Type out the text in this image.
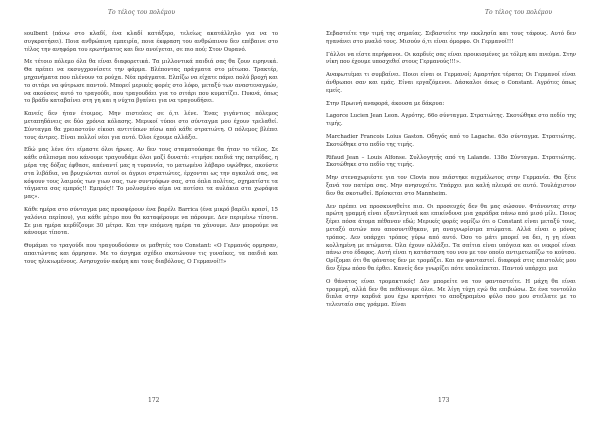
Το τέλος του πολέμου

soulbent (πάνω στο κλαδί, ένα κλαδί κατάξερο, τελείως ακατάλληλο για να το συγκρατήσει). Ποια ανθρώπινη εμπειρία, ποια έκφραση του ανθρώπινου δεν επέβαινε στο τέλος την ανηφόρα του ερωτήματος και δεν ανοίγεται, σε πιο πού; Στον Ουρανό.

Με τέτοιο πόλεμο όλα θα είναι διαφορετικά. Τα μιλλοντικά παιδιά σας θα ζουν ειρηνικά. Θα πρέπει να εκσυγχρονίσετε την φάρμα. Βλέποντας πράγματα στο μέτωπο. Τρακτέρ, μηχανήματα που πλένουν τα ρούχα. Νέα πράγματα. Ελπίζω να είχατε πάρει πολύ βροχή και το σιτάρι να φύτρωσε παντού. Μπορεί μερικές φορές στο λόφο, μεταξύ των αναστεναγμών, να ακούσεις αυτό το τραγούδι, που τραγουδάει για το σιτάρι που κυματίζει. Πυκνά, όπως το βράδυ καταβαίνει στη γη και η νύχτα βγαίνει για να τραγουδήσει.

Κανείς δεν ήταν έτοιμος. Μην πιστεύεις σε ό,τι λένε. Ένας γιγάντιος πόλεμος μεταπηδάνεις σε δύο χρόνια κόλασης. Μερικοί τύποι στο σύνταγμα μου έχουν τρελαθεί. Σύνταγμα θα χρειαστούν είκοσι αντιτύπων πίσω από κάθε στρατιώτη. Ο πόλεμος βλέπει τους άντρες. Είναι πολλοί νέοι για αυτό. Όλοι έχουμε αλλάξει.

Εδώ μας λένε ότι είμαστε όλοι ήρωες. Αν δεν τους σταματούσαμε θα ήταν το τέλος. Σε κάθε σάλπισμα που κάνουμε τραγουδάμε όλοι μαζί δυνατά: «τιμήσε παιδιά της πατρίδας, η μέρα της δόξας έφθασε, απέναντί μας η τυραννία, το ματωμένο λάβαρο υψώθηκε, ακούστε στα λιβάδια, να βρυχιώνται αυτοί οι άγριοι στρατιώτες, έρχονται ως την αγκαλιά σας, να κόψουν τους λαιμούς των γιων σας, των συντρόφων σας, στα όπλα πολίτες, σχηματίστε τα τάγματα σας εμπρός!! Εμπρός!! Το μολυσμένο αίμα να ποτίσει τα αυλάκια στα χωράφια μας».

Κάθε ημέρα στο σύνταγμα μας προσφέρουν ένα βαρέλι Barrica (ένα μικρό βαρέλι κρασί, 15 γαλόνια περίπου), για κάθε μέτρο που θα καταφέρουμε να πάρουμε. Δεν περιμένω τίποτα. Σε μια ημέρα κερδίζουμε 30 μέτρα. Και την επόμενη ημέρα τα χάνουμε. Δεν μπορούμε να κάνουμε τίποτα.

Θυμάμαι το τραγούδι που τραγουδούσαν οι μαθητές του Constant: «Ο Γερμανός ορμησαν, απαιτώντας και όρμησαν. Με το άσγημα σχέδιο σκοτώνουν τις γυναίκες, τα παιδιά και τους ηλικιωμένους. Ανησυχούν ακόμη και τους διαβόλους, Ο Γερμανοί!!»

172
Το τέλος του πολέμου

Σεβαστείτε την τιμή της σημαίας. Σεβαστείτε την εκκλησία και τους τάφους. Αυτό δεν ηγανάνει στο μυαλό τους. Μισούν ό,τι είναι όμορφο. Οι Γερμανοί!!!

Γάλλοι να είστε περήφανοι. Οι καρδιές σας είναι προικισμένες με τόλμη και πνεύμα. Στην νίκη που έχουμε υποσχεθεί στους Γερμανούς!!!».

Αναφωτιέμαι τι συμβαίνει. Ποιοι είναι οι Γερμανοί; Αμαρτήσε τέρατα; Οι Γερμανοί είναι άνθρωποι σαν και εμάς. Είναι εργαζόμενοι. Δάσκαλοι όπως ο Constant. Αγρότες όπως εμείς.

Στην Πρωινή αναφορά, άκουσα με δάκρυα:

Lagorce Lucien Jean Leon. Αγρότης. 66ο σύνταγμα. Στρατιώτης. Σκοτώθηκε στο πεδίο της τιμής.

Marchadier Francois Loius Gaston. Οδηγός από το Lagache. 63ο σύνταγμα. Στρατιώτης. Σκοτώθηκε στο πεδίο της τιμής.

Rifaud Jean – Louis Alfonse. Συλλογητής από τη Lalande. 138ο Σύνταγμα. Στρατιώτης. Σκοτώθηκε στο πεδίο της τιμής.

Μην στεναχωριέστε για τον Clovis που πιάστηκε αιχμάλωτος στην Γερμανία. Θα ξέτε ξανά τον πατέρα σας. Μην ανησυχείτε. Υπάρχει μια καλή πλευρά σε αυτό. Τουλάχιστον δεν θα σκοτωθεί. Βρίσκεται στο Mannheim.

Δεν πρέπει να προσκυνηθείτε πια. Οι προσευχές δεν θα μας σώσουν. Φτάνοντας στην πρώτη γραμμή είναι εξαντλητικά και επικίνδυνα μια χαράδρα πάνω από μισό μίλι. Ποιος ξέρει πόσα άτομα πέθαναν εδώ; Μερικές φορές νομίζω ότι ο Constant είναι μεταξύ τους, μεταξύ αυτών που αποσυντίθηκαν, μη αναγνωρίσιμα πτώματα. Αλλά είναι ο μόνος τρόπος. Δεν υπάρχει τρόπος γύρω από αυτό. Όσο το μάτι μπορεί να δει, η γη είναι κολλημένη με πτώματα. Όλα έχουν αλλάξει. Τα σπίτια είναι υπόγεια και οι νεκροί είναι πάνω στο έδαφος. Αυτή είναι η κατάσταση του νου με τον οποίο αντιμετωπίζω το κούτσο. Ορίζομαι ότι θα φάνατος δεν με τρομάζει. Και αν φανταστεί. διαφορά στις επιστολές μου δεν ξέρω πόσο θα έρθει. Κανείς δεν γνωρίζει πότε υπολείπεται. Παντού υπάρχει μια

Ο θάνατος είναι τρομακτικός! Δεν μπορείτε να τον φανταστείτε. Η μάχη θα είναι τρομερή, αλλά δεν θα πεθάνουμε όλοι. Με λίγη τύχη εγώ θα επιβιώσω. Σε ένα τοντούλο διπλα στην καρδιά μου έχω κρατήσει το αποξηραμένο φύλο που μου στείλατε με το τελευταίο σας γράμμα. Είναι

173
